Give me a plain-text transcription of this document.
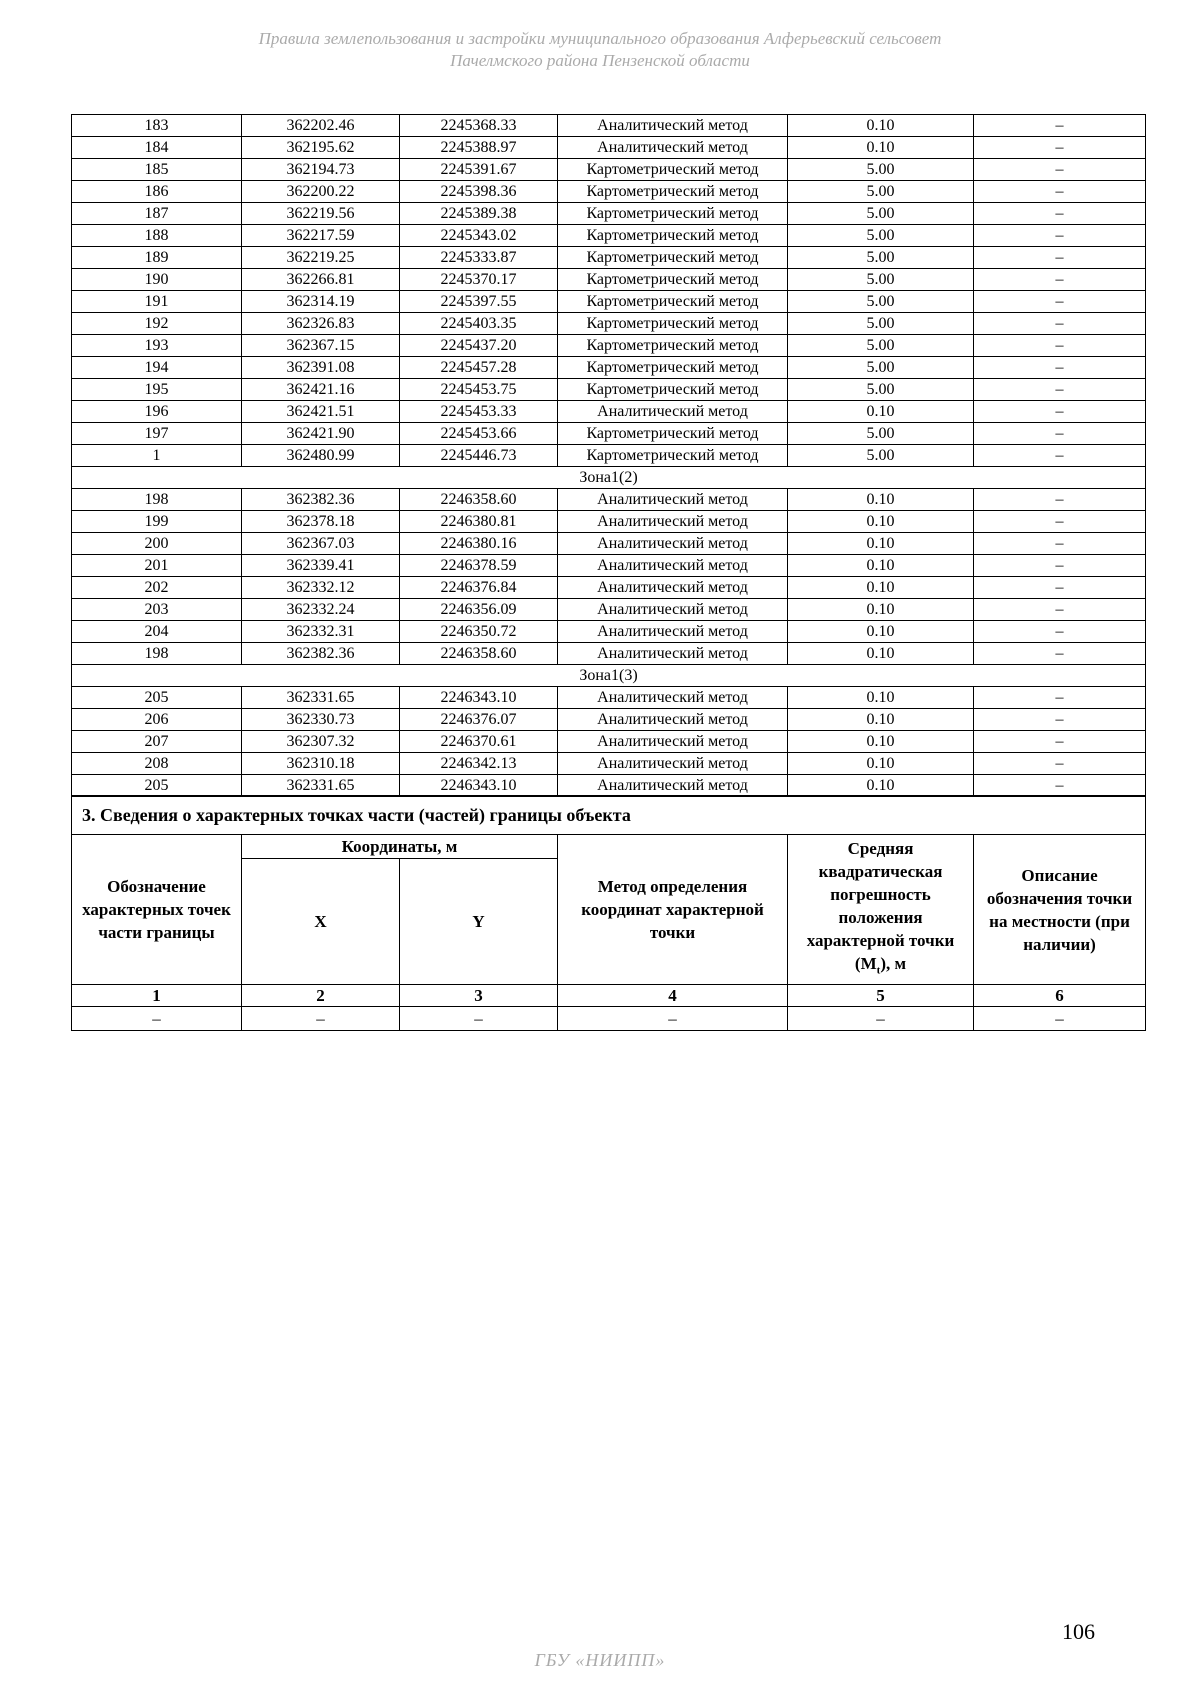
Правила землепользования и застройки муниципального образования Алферьевский сельсовет
Пачелмского района Пензенской области
183	362202.46	2245368.33	Аналитический метод	0.10	–
184	362195.62	2245388.97	Аналитический метод	0.10	–
185	362194.73	2245391.67	Картометрический метод	5.00	–
186	362200.22	2245398.36	Картометрический метод	5.00	–
187	362219.56	2245389.38	Картометрический метод	5.00	–
188	362217.59	2245343.02	Картометрический метод	5.00	–
189	362219.25	2245333.87	Картометрический метод	5.00	–
190	362266.81	2245370.17	Картометрический метод	5.00	–
191	362314.19	2245397.55	Картометрический метод	5.00	–
192	362326.83	2245403.35	Картометрический метод	5.00	–
193	362367.15	2245437.20	Картометрический метод	5.00	–
194	362391.08	2245457.28	Картометрический метод	5.00	–
195	362421.16	2245453.75	Картометрический метод	5.00	–
196	362421.51	2245453.33	Аналитический метод	0.10	–
197	362421.90	2245453.66	Картометрический метод	5.00	–
1	362480.99	2245446.73	Картометрический метод	5.00	–
Зона1(2)					
198	362382.36	2246358.60	Аналитический метод	0.10	–
199	362378.18	2246380.81	Аналитический метод	0.10	–
200	362367.03	2246380.16	Аналитический метод	0.10	–
201	362339.41	2246378.59	Аналитический метод	0.10	–
202	362332.12	2246376.84	Аналитический метод	0.10	–
203	362332.24	2246356.09	Аналитический метод	0.10	–
204	362332.31	2246350.72	Аналитический метод	0.10	–
198	362382.36	2246358.60	Аналитический метод	0.10	–
Зона1(3)					
205	362331.65	2246343.10	Аналитический метод	0.10	–
206	362330.73	2246376.07	Аналитический метод	0.10	–
207	362307.32	2246370.61	Аналитический метод	0.10	–
208	362310.18	2246342.13	Аналитический метод	0.10	–
205	362331.65	2246343.10	Аналитический метод	0.10	–
3. Сведения о характерных точках части (частей) границы объекта					
Обозначение характерных точек части границы	Координаты, м		Метод определения координат характерной точки	Средняя квадратическая погрешность положения характерной точки $(M_t)$, м	Описание обозначения точки на местности (при наличии)
	X	Y			
1	2	3	4	5	6
–	–	–	–	–	–
106
ГБУ «НИИПП»
